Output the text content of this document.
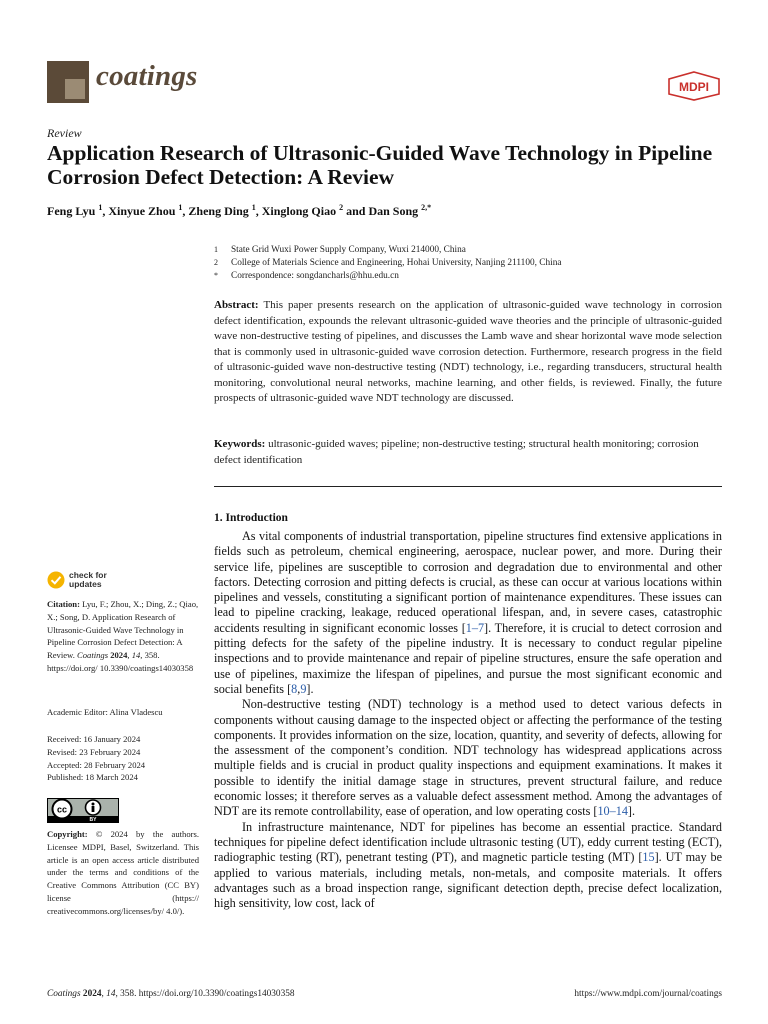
coatings	MDPI
Review
Application Research of Ultrasonic-Guided Wave Technology in Pipeline Corrosion Defect Detection: A Review
Feng Lyu $^1$, Xinyue Zhou $^1$, Zheng Ding $^1$, Xinglong Qiao $^2$ and Dan Song $^{2,*}$
1	State Grid Wuxi Power Supply Company, Wuxi 214000, China
2	College of Materials Science and Engineering, Hohai University, Nanjing 211100, China
*	Correspondence: songdancharls@hhu.edu.cn
Abstract: This paper presents research on the application of ultrasonic-guided wave technology in corrosion defect identification, expounds the relevant ultrasonic-guided wave theories and the principle of ultrasonic-guided wave non-destructive testing of pipelines, and discusses the Lamb wave and shear horizontal wave mode selection that is commonly used in ultrasonic-guided wave corrosion detection. Furthermore, research progress in the field of ultrasonic-guided wave non-destructive testing (NDT) technology, i.e., regarding transducers, structural health monitoring, convolutional neural networks, machine learning, and other fields, is reviewed. Finally, the future prospects of ultrasonic-guided wave NDT technology are discussed.
Keywords: ultrasonic-guided waves; pipeline; non-destructive testing; structural health monitoring; corrosion defect identification
1. Introduction

As vital components of industrial transportation, pipeline structures find extensive applications in fields such as petroleum, chemical engineering, aerospace, nuclear power, and more. During their service life, pipelines are susceptible to corrosion and degradation due to environmental and other factors. Detecting corrosion and pitting defects is crucial, as these can occur at various locations within pipelines and vessels, constituting a significant portion of maintenance expenditures. These issues can lead to pipeline cracking, leakage, reduced operational lifespan, and, in severe cases, catastrophic accidents resulting in significant economic losses [1–7]. Therefore, it is crucial to detect corrosion and pitting defects for the safety of the pipeline industry. It is necessary to conduct regular pipeline inspections and to provide maintenance and repair of pipeline structures, ensure the safe operation and use of pipelines, maximize the lifespan of pipelines, and pursue the most significant economic and social benefits [8,9].

Non-destructive testing (NDT) technology is a method used to detect various defects in components without causing damage to the inspected object or affecting the performance of the testing components. It provides information on the size, location, quantity, and severity of defects, allowing for the assessment of the component’s condition. NDT technology has widespread applications across multiple fields and is crucial in product quality inspections and equipment examinations. It makes it possible to identify the initial damage stage in structures, prevent structural failure, and reduce economic losses; it therefore serves as a valuable defect assessment method. Among the advantages of NDT are its remote controllability, ease of operation, and low operating costs [10–14].

In infrastructure maintenance, NDT for pipelines has become an essential practice. Standard techniques for pipeline defect identification include ultrasonic testing (UT), eddy current testing (ECT), radiographic testing (RT), penetrant testing (PT), and magnetic particle testing (MT) [15]. UT may be applied to various materials, including metals, non-metals, and composite materials. It offers advantages such as a broad inspection range, significant detection depth, precise defect localization, high sensitivity, low cost, lack of

check for
updates
Citation: Lyu, F.; Zhou, X.; Ding, Z.; Qiao, X.; Song, D. Application Research of Ultrasonic-Guided Wave Technology in Pipeline Corrosion Defect Detection: A Review. Coatings 2024, 14, 358. https://doi.org/ 10.3390/coatings14030358
Academic Editor: Alina Vladescu
Received: 16 January 2024
Revised: 23 February 2024
Accepted: 28 February 2024
Published: 18 March 2024
cc
BY
Copyright: © 2024 by the authors. Licensee MDPI, Basel, Switzerland. This article is an open access article distributed under the terms and conditions of the Creative Commons Attribution (CC BY) license (https:// creativecommons.org/licenses/by/ 4.0/).
Coatings 2024, 14, 358. https://doi.org/10.3390/coatings14030358	https://www.mdpi.com/journal/coatings
